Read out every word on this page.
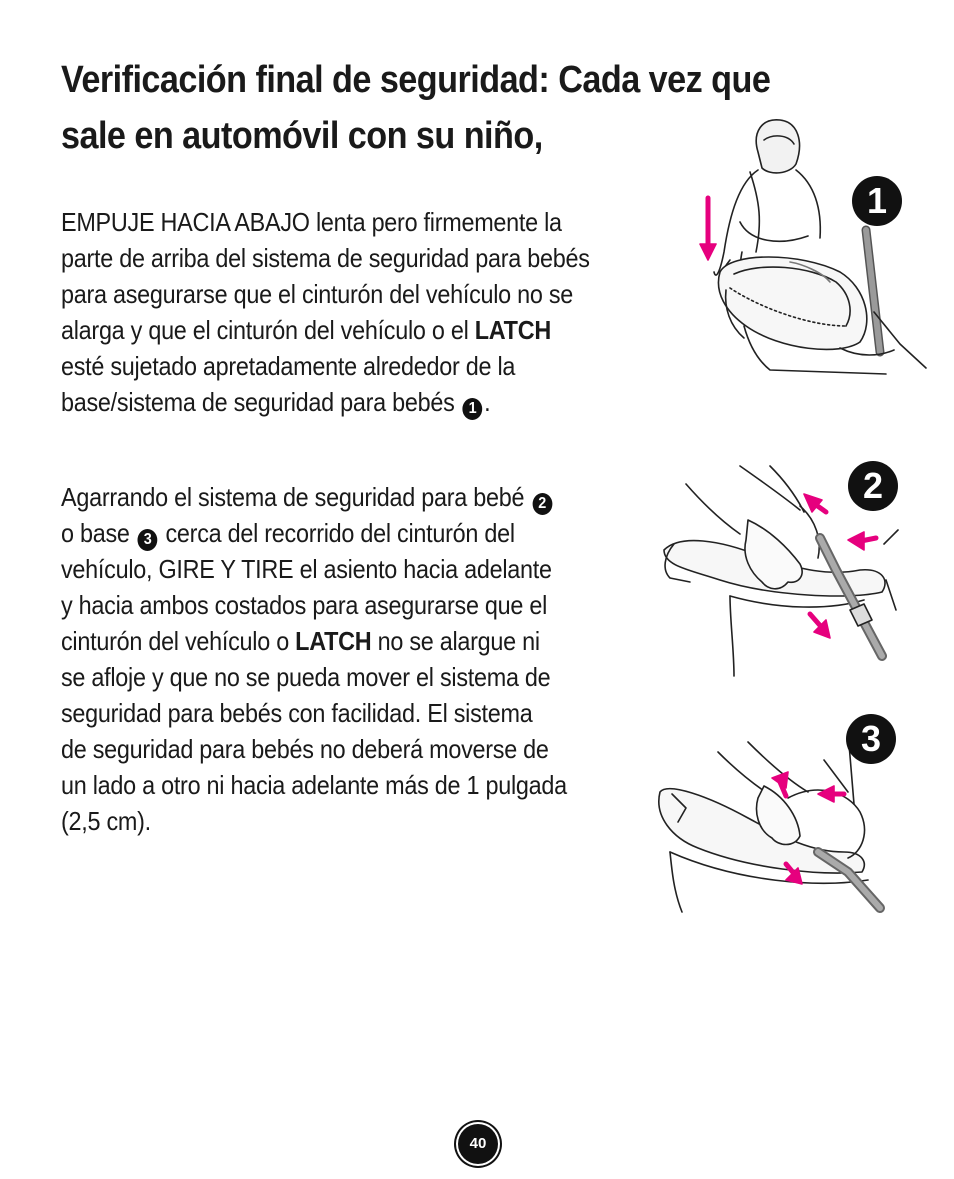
Verificación final de seguridad: Cada vez que
sale en automóvil con su niño,

EMPUJE HACIA ABAJO lenta pero firmemente la
parte de arriba del sistema de seguridad para bebés
para asegurarse que el cinturón del vehículo no se
alarga y que el cinturón del vehículo o el LATCH
esté sujetado apretadamente alrededor de la
base/sistema de seguridad para bebés 1 .

Agarrando el sistema de seguridad para bebé 2
o base 3 cerca del recorrido del cinturón del
vehículo, GIRE Y TIRE el asiento hacia adelante
y hacia ambos costados para asegurarse que el
cinturón del vehículo o LATCH no se alargue ni
se afloje y que no se pueda mover el sistema de
seguridad para bebés con facilidad. El sistema
de seguridad para bebés no deberá moverse de
un lado a otro ni hacia adelante más de 1 pulgada
(2,5 cm).

1
2
3
40
